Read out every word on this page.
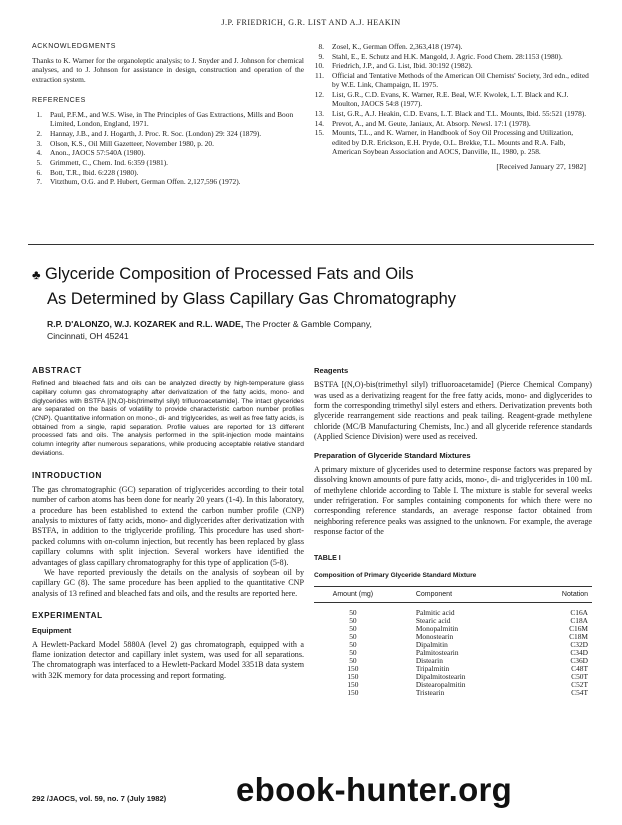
J.P. FRIEDRICH, G.R. LIST AND A.J. HEAKIN
ACKNOWLEDGMENTS

Thanks to K. Warner for the organoleptic analysis; to J. Snyder and J. Johnson for chemical analyses, and to J. Johnson for assistance in design, construction and operation of the extraction system.

REFERENCES
1.	Paul, P.F.M., and W.S. Wise, in The Principles of Gas Extractions, Mills and Boon Limited, London, England, 1971.
2.	Hannay, J.B., and J. Hogarth, J. Proc. R. Soc. (London) 29: 324 (1879).
3.	Olson, K.S., Oil Mill Gazetteer, November 1980, p. 20.
4.	Anon., JAOCS 57:540A (1980).
5.	Grimmett, C., Chem. Ind. 6:359 (1981).
6.	Bott, T.R., Ibid. 6:228 (1980).
7.	Vitzthum, O.G. and P. Hubert, German Offen. 2,127,596 (1972).
8.	Zosel, K., German Offen. 2,363,418 (1974).
9.	Stahl, E., E. Schutz and H.K. Mangold, J. Agric. Food Chem. 28:1153 (1980).
10.	Friedrich, J.P., and G. List, Ibid. 30:192 (1982).
11.	Official and Tentative Methods of the American Oil Chemists' Society, 3rd edn., edited by W.E. Link, Champaign, IL 1975.
12.	List, G.R., C.D. Evans, K. Warner, R.E. Beal, W.F. Kwolek, L.T. Black and K.J. Moulton, JAOCS 54:8 (1977).
13.	List, G.R., A.J. Heakin, C.D. Evans, L.T. Black and T.L. Mounts, Ibid. 55:521 (1978).
14.	Prevot, A., and M. Geute, Janiaux, At. Absorp. Newsl. 17:1 (1978).
15.	Mounts, T.L., and K. Warner, in Handbook of Soy Oil Processing and Utilization, edited by D.R. Erickson, E.H. Pryde, O.L. Brekke, T.L. Mounts and R.A. Falb, American Soybean Association and AOCS, Danville, IL, 1980, p. 258.
[Received January 27, 1982]
♣ Glyceride Composition of Processed Fats and Oils
As Determined by Glass Capillary Gas Chromatography
R.P. D'ALONZO, W.J. KOZAREK and R.L. WADE, The Procter & Gamble Company,
Cincinnati, OH 45241
ABSTRACT

Refined and bleached fats and oils can be analyzed directly by high-temperature glass capillary column gas chromatography after derivatization of the fatty acids, mono- and diglycerides with BSTFA [(N,O)-bis(trimethyl silyl) trifluoroacetamide]. The intact glycerides are separated on the basis of volatility to provide characteristic carbon number profiles (CNP). Quantitative information on mono-, di- and triglycerides, as well as free fatty acids, is obtained from a single, rapid separation. Profile values are reported for 13 different processed fats and oils. The analysis performed in the split-injection mode maintains column integrity after numerous separations, while producing acceptable relative standard deviations.

INTRODUCTION

The gas chromatographic (GC) separation of triglycerides according to their total number of carbon atoms has been done for nearly 20 years (1-4). In this laboratory, a procedure has been established to extend the carbon number profile (CNP) analysis to mixtures of fatty acids, mono- and diglycerides after derivatization with BSTFA, in addition to the triglyceride profiling. This procedure has used short-packed columns with on-column injection, but recently has been replaced by glass capillary columns with split injection. Several workers have identified the advantages of glass capillary chromatography for this type of application (5-8).

We have reported previously the details on the analysis of soybean oil by capillary GC (8). The same procedure has been applied to the quantitative CNP analysis of 13 refined and bleached fats and oils, and the results are reported here.

EXPERIMENTAL
Equipment

A Hewlett-Packard Model 5880A (level 2) gas chromatograph, equipped with a flame ionization detector and capillary inlet system, was used for all separations. The chromatograph was interfaced to a Hewlett-Packard Model 3351B data system with 32K memory for data processing and report formating.

Reagents

BSTFA [(N,O)-bis(trimethyl silyl) trifluoroacetamide] (Pierce Chemical Company) was used as a derivatizing reagent for the free fatty acids, mono- and diglycerides to form the corresponding trimethyl silyl esters and ethers. Derivatization prevents both glyceride rearrangement side reactions and peak tailing. Reagent-grade methylene chloride (MC/B Manufacturing Chemists, Inc.) and all glyceride reference standards (Applied Science Division) were used as received.

Preparation of Glyceride Standard Mixtures

A primary mixture of glycerides used to determine response factors was prepared by dissolving known amounts of pure fatty acids, mono-, di- and triglycerides in 100 mL of methylene chloride according to Table I. The mixture is stable for several weeks under refrigeration. For samples containing components for which there were no corresponding reference standards, an average response factor obtained from neighboring reference peaks was assigned to the unknown. For example, the average response factor of the

TABLE I
Composition of Primary Glyceride Standard Mixture
Amount (mg)	Component	Notation

50	Palmitic acid	C16A
50	Stearic acid	C18A
50	Monopalmitin	C16M
50	Monostearin	C18M
50	Dipalmitin	C32D
50	Palmitostearin	C34D
50	Distearin	C36D
150	Tripalmitin	C48T
150	Dipalmitostearin	C50T
150	Distearopalmitin	C52T
150	Tristearin	C54T
292 /JAOCS, vol. 59, no. 7 (July 1982) ebook-hunter.org
